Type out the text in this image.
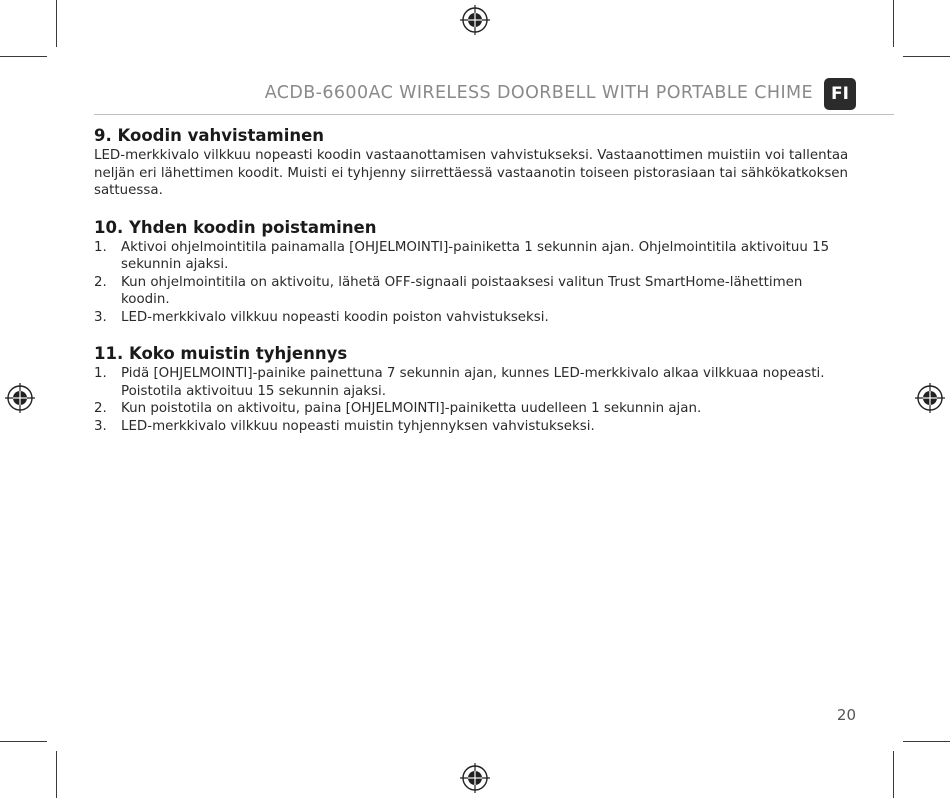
ACDB-6600AC WIRELESS DOORBELL WITH PORTABLE CHIME	FI
9. Koodin vahvistaminen
LED-merkkivalo vilkkuu nopeasti koodin vastaanottamisen vahvistukseksi. Vastaanottimen muistiin voi tallentaa neljän eri lähettimen koodit. Muisti ei tyhjenny siirrettäessä vastaanotin toiseen pistorasiaan tai sähkökatkoksen sattuessa.
10. Yhden koodin poistaminen
1. Aktivoi ohjelmointitila painamalla [OHJELMOINTI]-painiketta 1 sekunnin ajan. Ohjelmointitila aktivoituu 15 sekunnin ajaksi.
2. Kun ohjelmointitila on aktivoitu, lähetä OFF-signaali poistaaksesi valitun Trust SmartHome-lähettimen koodin.
3. LED-merkkivalo vilkkuu nopeasti koodin poiston vahvistukseksi.
11. Koko muistin tyhjennys
1. Pidä [OHJELMOINTI]-painike painettuna 7 sekunnin ajan, kunnes LED-merkkivalo alkaa vilkkuaa nopeasti. Poistotila aktivoituu 15 sekunnin ajaksi.
2. Kun poistotila on aktivoitu, paina [OHJELMOINTI]-painiketta uudelleen 1 sekunnin ajan.
3. LED-merkkivalo vilkkuu nopeasti muistin tyhjennyksen vahvistukseksi.
20
